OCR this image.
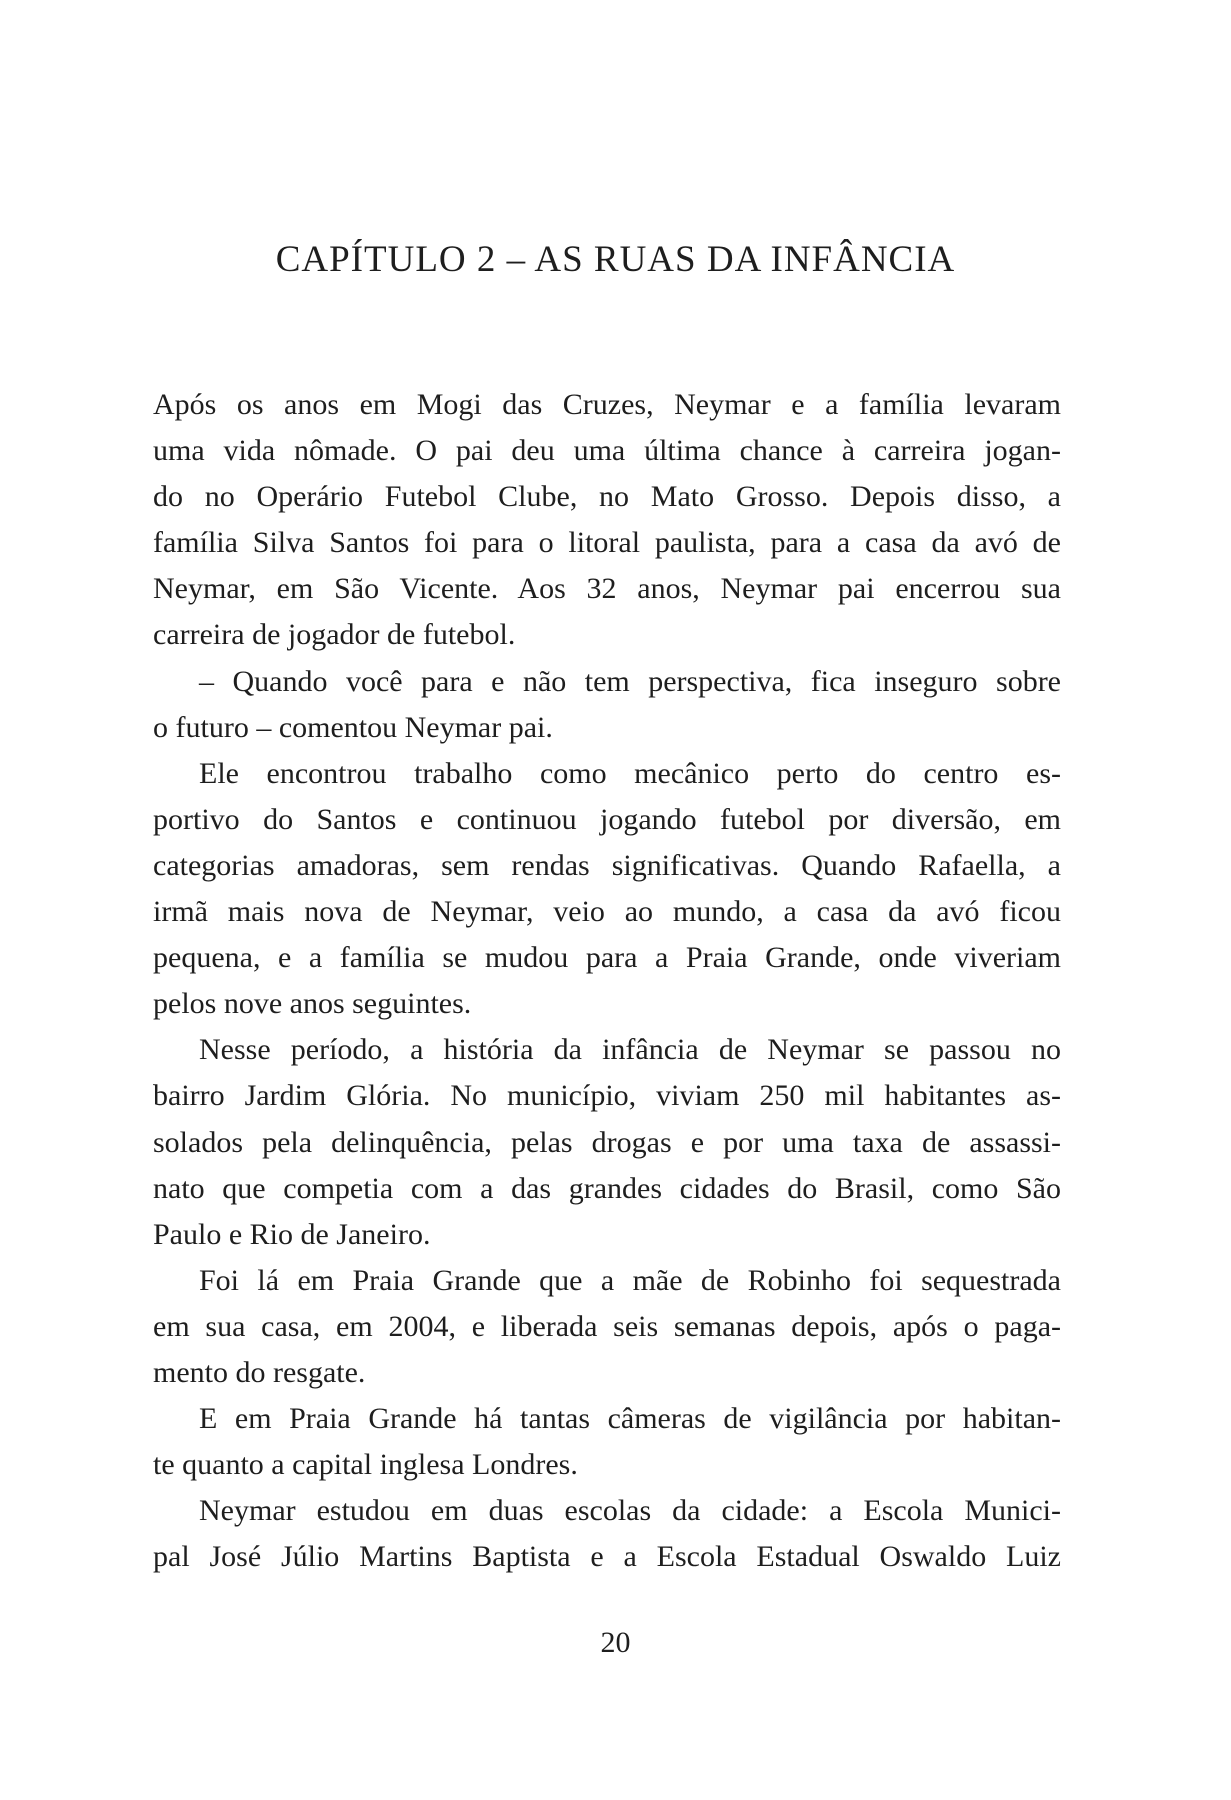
CAPÍTULO 2 – AS RUAS DA INFÂNCIA
Após os anos em Mogi das Cruzes, Neymar e a família levaram
uma vida nômade. O pai deu uma última chance à carreira jogan-
do no Operário Futebol Clube, no Mato Grosso. Depois disso, a
família Silva Santos foi para o litoral paulista, para a casa da avó de
Neymar, em São Vicente. Aos 32 anos, Neymar pai encerrou sua
carreira de jogador de futebol.
– Quando você para e não tem perspectiva, fica inseguro sobre
o futuro – comentou Neymar pai.
Ele encontrou trabalho como mecânico perto do centro es-
portivo do Santos e continuou jogando futebol por diversão, em
categorias amadoras, sem rendas significativas. Quando Rafaella, a
irmã mais nova de Neymar, veio ao mundo, a casa da avó ficou
pequena, e a família se mudou para a Praia Grande, onde viveriam
pelos nove anos seguintes.
Nesse período, a história da infância de Neymar se passou no
bairro Jardim Glória. No município, viviam 250 mil habitantes as-
solados pela delinquência, pelas drogas e por uma taxa de assassi-
nato que competia com a das grandes cidades do Brasil, como São
Paulo e Rio de Janeiro.
Foi lá em Praia Grande que a mãe de Robinho foi sequestrada
em sua casa, em 2004, e liberada seis semanas depois, após o paga-
mento do resgate.
E em Praia Grande há tantas câmeras de vigilância por habitan-
te quanto a capital inglesa Londres.
Neymar estudou em duas escolas da cidade: a Escola Munici-
pal José Júlio Martins Baptista e a Escola Estadual Oswaldo Luiz

20
